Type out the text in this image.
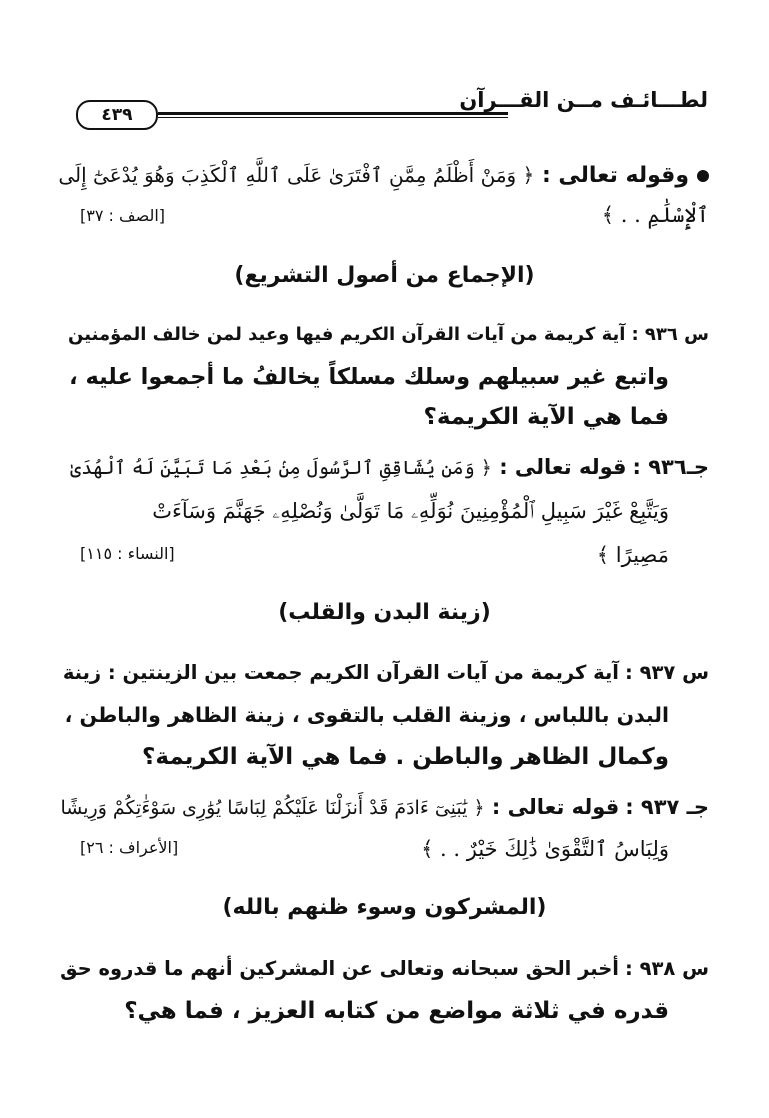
لطـــائـف مــن القـــرآن
٤٣٩
وقوله تعالى : ﴿ وَمَنْ أَظْلَمُ مِمَّنِ ٱفْتَرَىٰ عَلَى ٱللَّهِ ٱلْكَذِبَ وَهُوَ يُدْعَىٰٓ إِلَى
ٱلْإِسْلَٰمِ . . ﴾
[الصف : ٣٧]
(الإجماع من أصول التشريع)
س ٩٣٦ :آية كريمة من آيات القرآن الكريم فيها وعيد لمن خالف المؤمنين
واتبع غير سبيلهم وسلك مسلكاً يخالفُ ما أجمعوا عليه ،
فما هي الآية الكريمة؟
جـ٩٣٦ :قوله تعالى : ﴿ وَمَن يُشَاقِقِ ٱلرَّسُولَ مِنۢ بَعْدِ مَا تَبَيَّنَ لَهُ ٱلْهُدَىٰ
وَيَتَّبِعْ غَيْرَ سَبِيلِ ٱلْمُؤْمِنِينَ نُوَلِّهِۦ مَا تَوَلَّىٰ وَنُصْلِهِۦ جَهَنَّمَ وَسَآءَتْ
مَصِيرًا ﴾
[النساء : ١١٥]
(زينة البدن والقلب)
س ٩٣٧ :آية كريمة من آيات القرآن الكريم جمعت بين الزينتين : زينة
البدن باللباس ، وزينة القلب بالتقوى ، زينة الظاهر والباطن ،
وكمال الظاهر والباطن . فما هي الآية الكريمة؟
جـ ٩٣٧ :قوله تعالى : ﴿ يَٰبَنِىٓ ءَادَمَ قَدْ أَنزَلْنَا عَلَيْكُمْ لِبَاسًا يُوَٰرِى سَوْءَٰتِكُمْ وَرِيشًا
وَلِبَاسُ ٱلتَّقْوَىٰ ذَٰلِكَ خَيْرٌ . . ﴾
[الأعراف : ٢٦]
(المشركون وسوء ظنهم بالله)
س ٩٣٨ :أخبر الحق سبحانه وتعالى عن المشركين أنهم ما قدروه حق
قدره في ثلاثة مواضع من كتابه العزيز ، فما هي؟
